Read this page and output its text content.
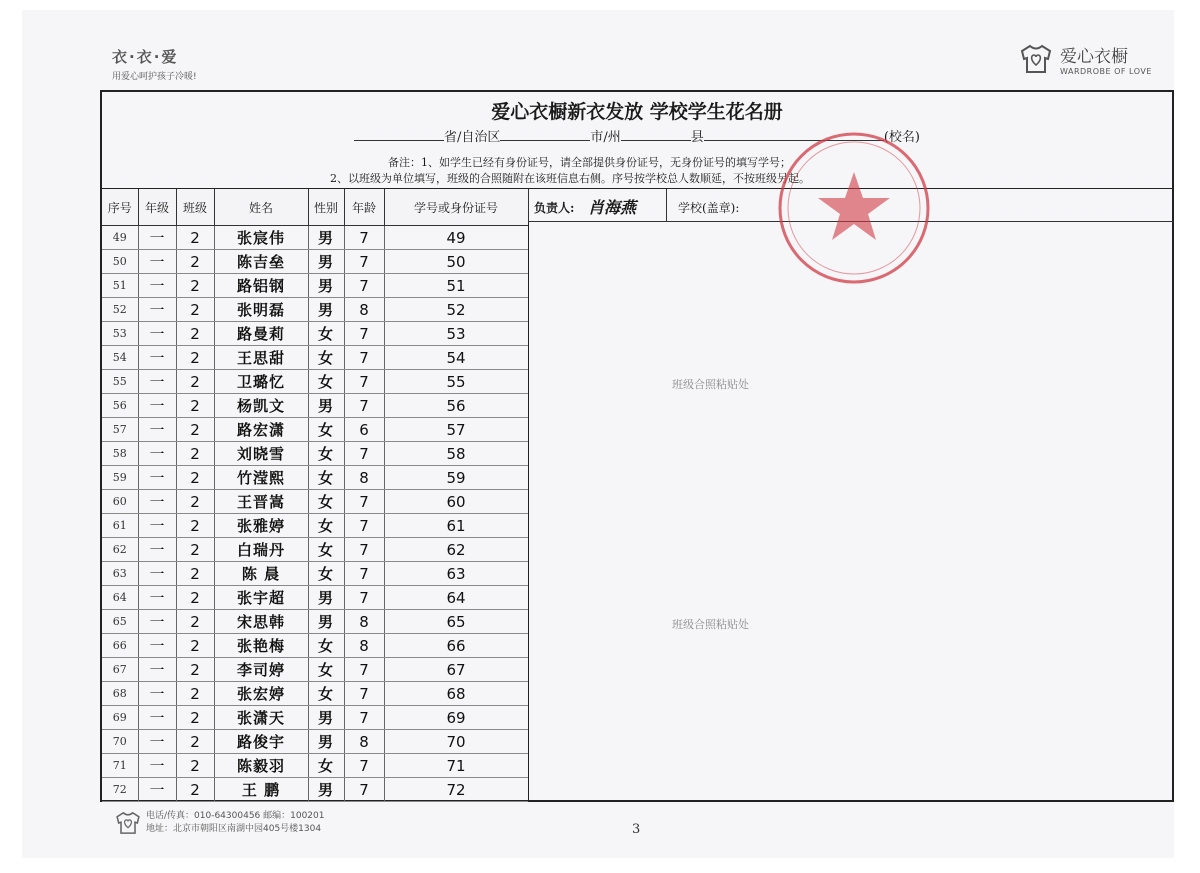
衣·衣·爱
用爱心呵护孩子冷暖!
爱心衣橱
WARDROBE OF LOVE
爱心衣橱新衣发放 学校学生花名册
省/自治区	市/州	县	(校名)
备注：1、如学生已经有身份证号，请全部提供身份证号，无身份证号的填写学号；
2、以班级为单位填写，班级的合照随附在该班信息右侧。序号按学校总人数顺延，不按班级另起。
序号	年级	班级	姓名	性别	年龄	学号或身份证号
49	一	2	张宸伟	男	7	49
50	一	2	陈吉垒	男	7	50
51	一	2	路铝钢	男	7	51
52	一	2	张明磊	男	8	52
53	一	2	路曼莉	女	7	53
54	一	2	王思甜	女	7	54
55	一	2	卫璐忆	女	7	55
56	一	2	杨凯文	男	7	56
57	一	2	路宏潇	女	6	57
58	一	2	刘晓雪	女	7	58
59	一	2	竹滢熙	女	8	59
60	一	2	王晋嵩	女	7	60
61	一	2	张雅婷	女	7	61
62	一	2	白瑞丹	女	7	62
63	一	2	陈 晨	女	7	63
64	一	2	张宇超	男	7	64
65	一	2	宋思韩	男	8	65
66	一	2	张艳梅	女	8	66
67	一	2	李司婷	女	7	67
68	一	2	张宏婷	女	7	68
69	一	2	张潇天	男	7	69
70	一	2	路俊宇	男	8	70
71	一	2	陈毅羽	女	7	71
72	一	2	王 鹏	男	7	72
负责人: 肖海燕	学校(盖章):
班级合照粘贴处
班级合照粘贴处
电话/传真：010-64300456 邮编：100201
地址：北京市朝阳区南湖中园405号楼1304	3
